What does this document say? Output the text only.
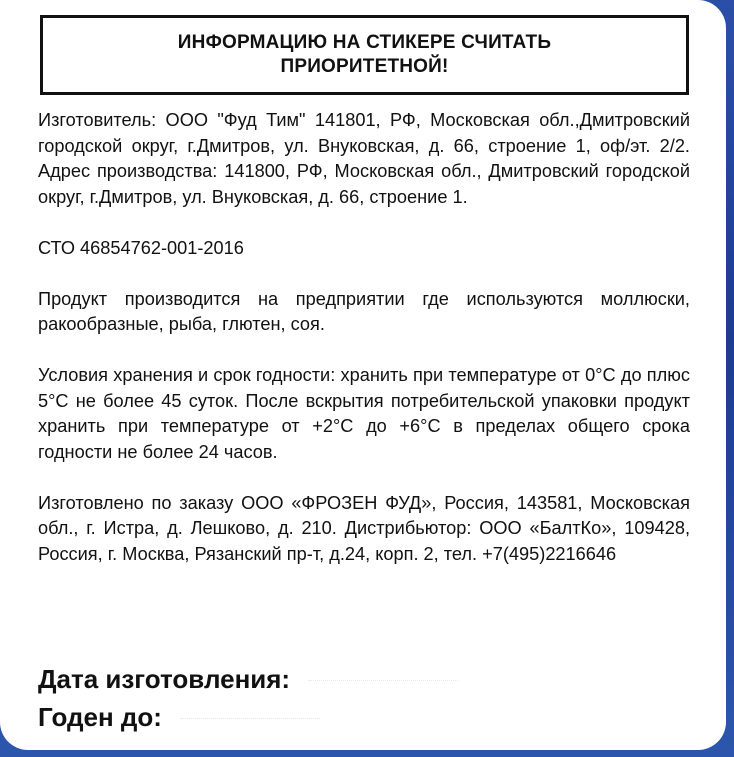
ИНФОРМАЦИЮ НА СТИКЕРЕ СЧИТАТЬ ПРИОРИТЕТНОЙ!

Изготовитель: ООО "Фуд Тим" 141801, РФ, Московская обл.,Дмитровский городской округ, г.Дмитров, ул. Внуковская, д. 66, строение 1, оф/эт. 2/2. Адрес производства: 141800, РФ, Московская обл., Дмитровский городской округ, г.Дмитров, ул. Внуковская, д. 66, строение 1.

СТО 46854762-001-2016

Продукт производится на предприятии где используются моллюски, ракообразные, рыба, глютен, соя.

Условия хранения и срок годности: хранить при температуре от 0°С до плюс 5°С не более 45 суток. После вскрытия потребительской упаковки продукт хранить при температуре от +2°С до +6°С в пределах общего срока годности не более 24 часов.

Изготовлено по заказу ООО «ФРОЗЕН ФУД», Россия, 143581, Московская обл., г. Истра, д. Лешково, д. 210. Дистрибьютор: ООО «БалтКо», 109428, Россия, г. Москва, Рязанский пр-т, д.24, корп. 2, тел. +7(495)2216646

Дата изготовления:
Годен до:
